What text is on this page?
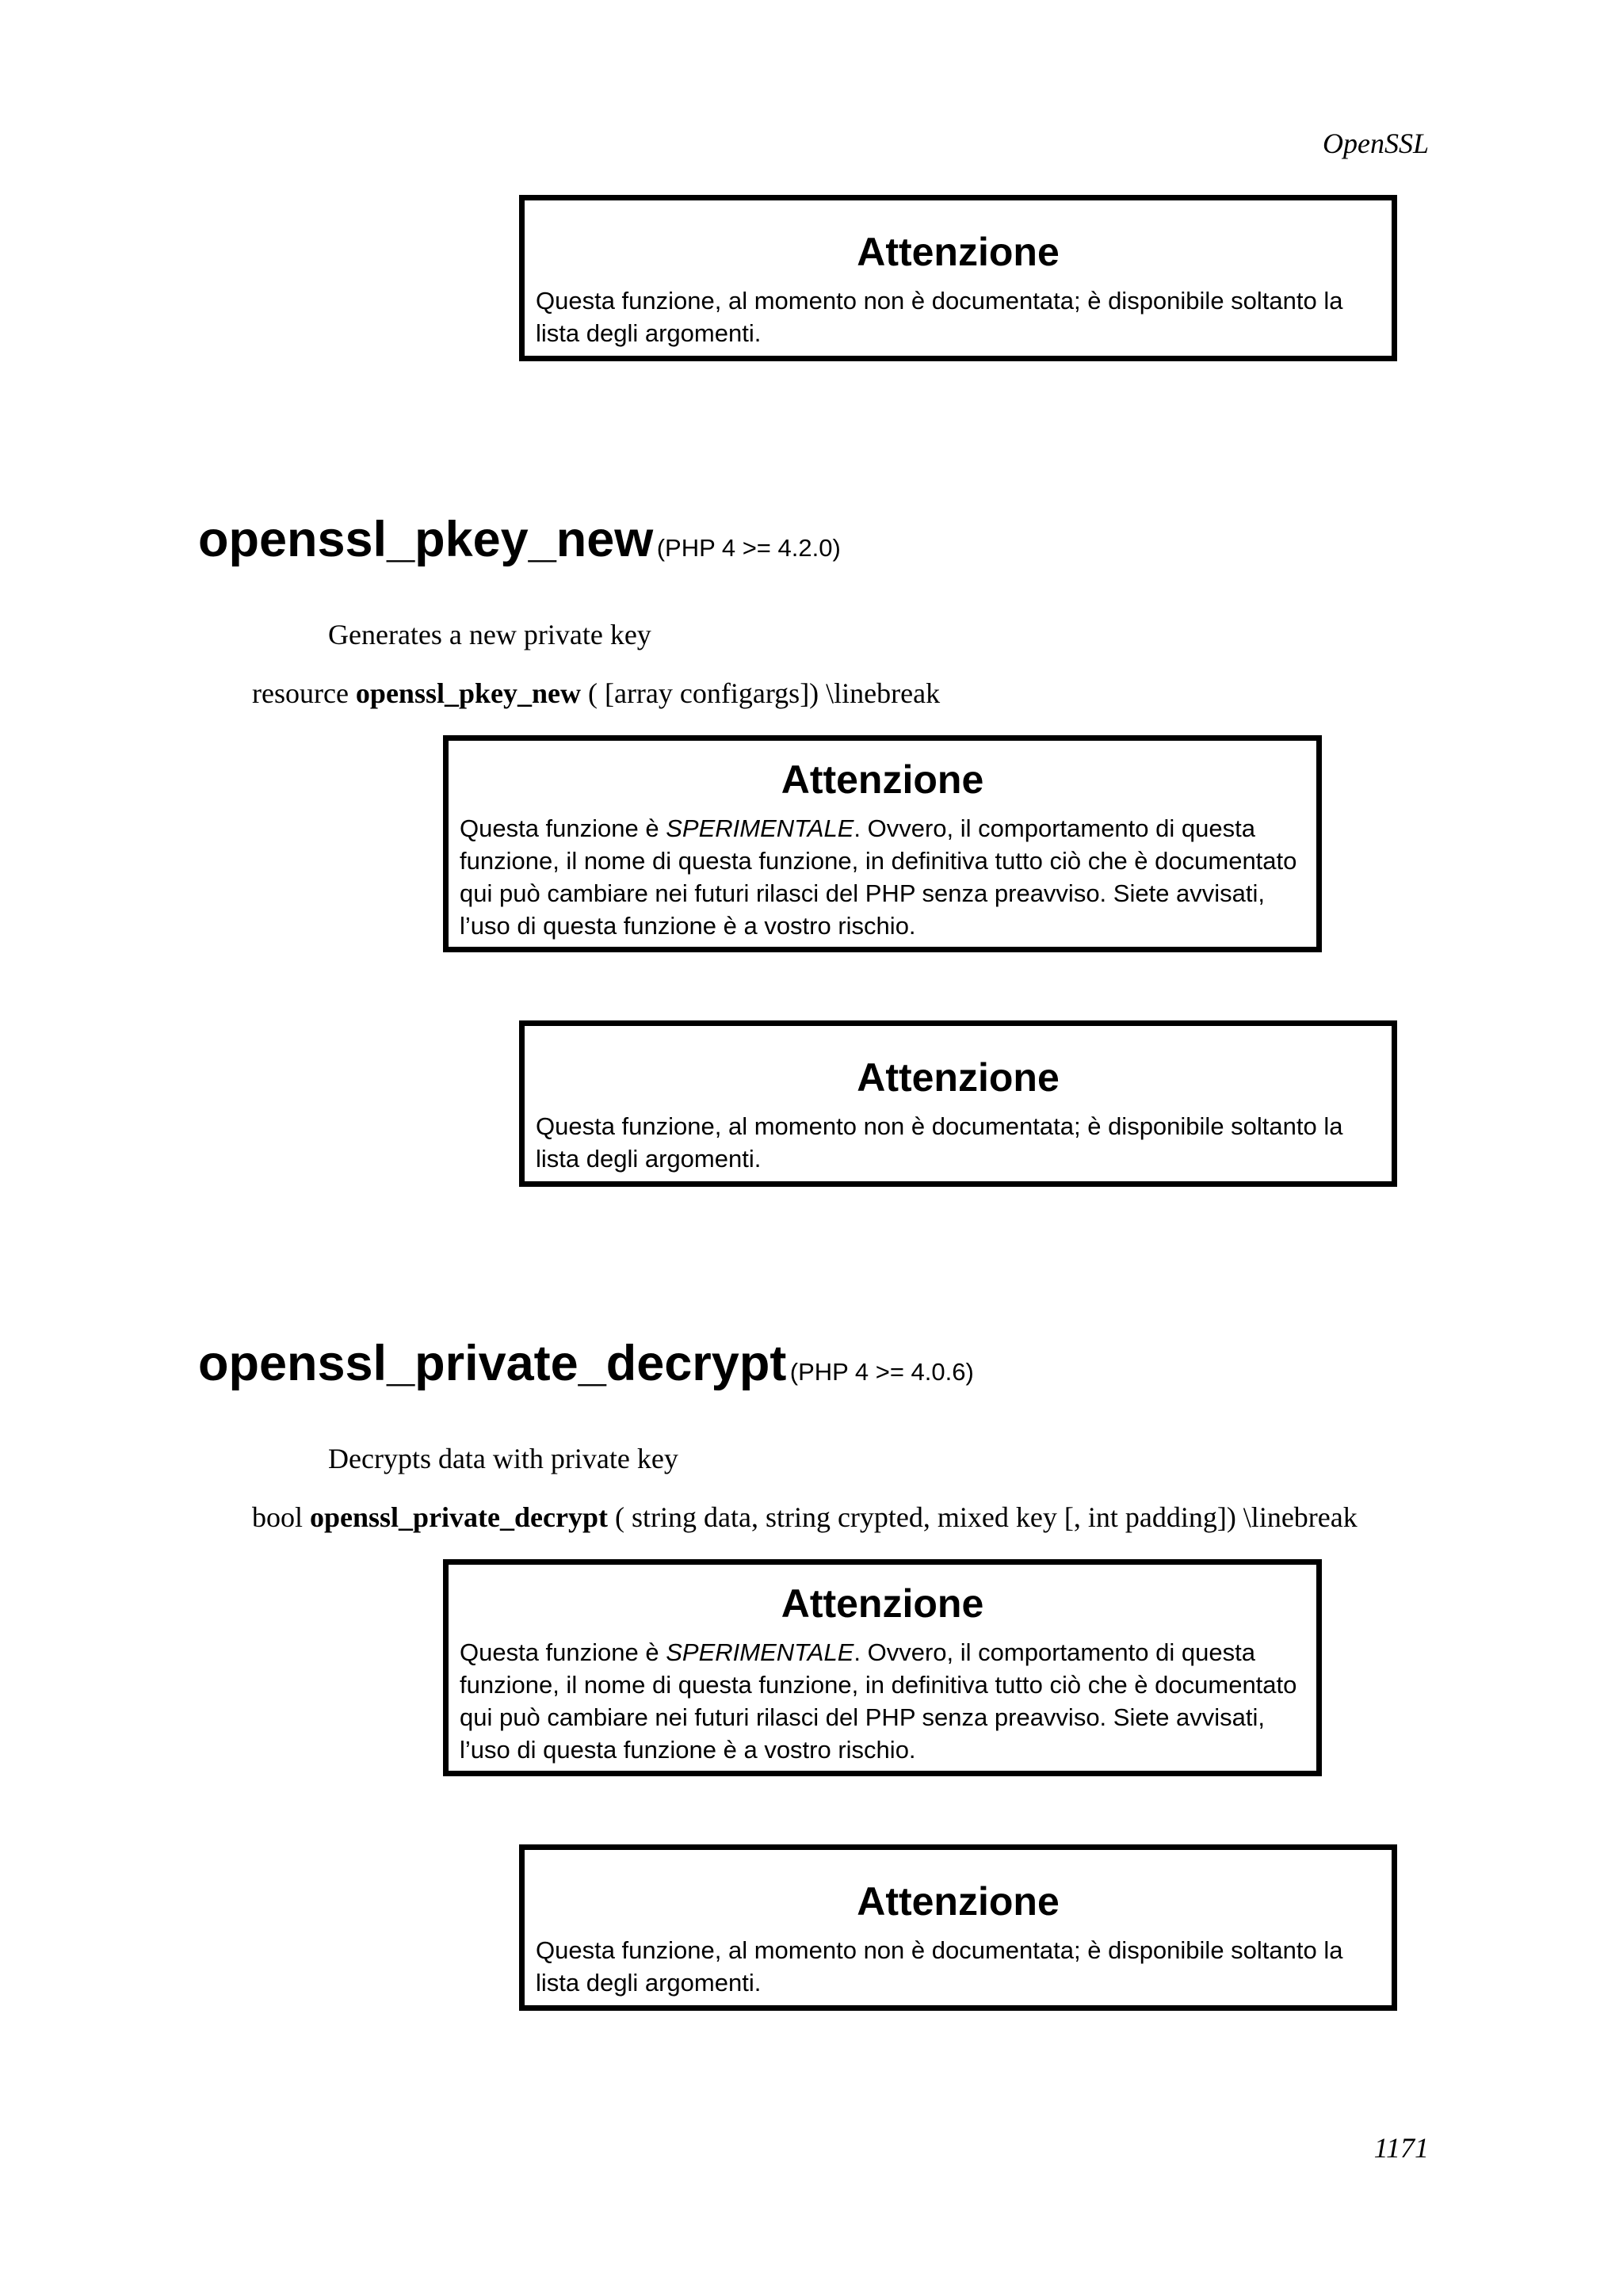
OpenSSL

Attenzione

Questa funzione, al momento non è documentata; è disponibile soltanto la lista degli argomenti.

openssl_pkey_new (PHP 4 >= 4.2.0)
Generates a new private key
resource openssl_pkey_new ( [array configargs]) \linebreak

Attenzione

Questa funzione è SPERIMENTALE. Ovvero, il comportamento di questa funzione, il nome di questa funzione, in definitiva tutto ciò che è documentato qui può cambiare nei futuri rilasci del PHP senza preavviso. Siete avvisati, l’uso di questa funzione è a vostro rischio.

Attenzione

Questa funzione, al momento non è documentata; è disponibile soltanto la lista degli argomenti.

openssl_private_decrypt (PHP 4 >= 4.0.6)
Decrypts data with private key
bool openssl_private_decrypt ( string data, string crypted, mixed key [, int padding]) \linebreak

Attenzione

Questa funzione è SPERIMENTALE. Ovvero, il comportamento di questa funzione, il nome di questa funzione, in definitiva tutto ciò che è documentato qui può cambiare nei futuri rilasci del PHP senza preavviso. Siete avvisati, l’uso di questa funzione è a vostro rischio.

Attenzione

Questa funzione, al momento non è documentata; è disponibile soltanto la lista degli argomenti.

1171
